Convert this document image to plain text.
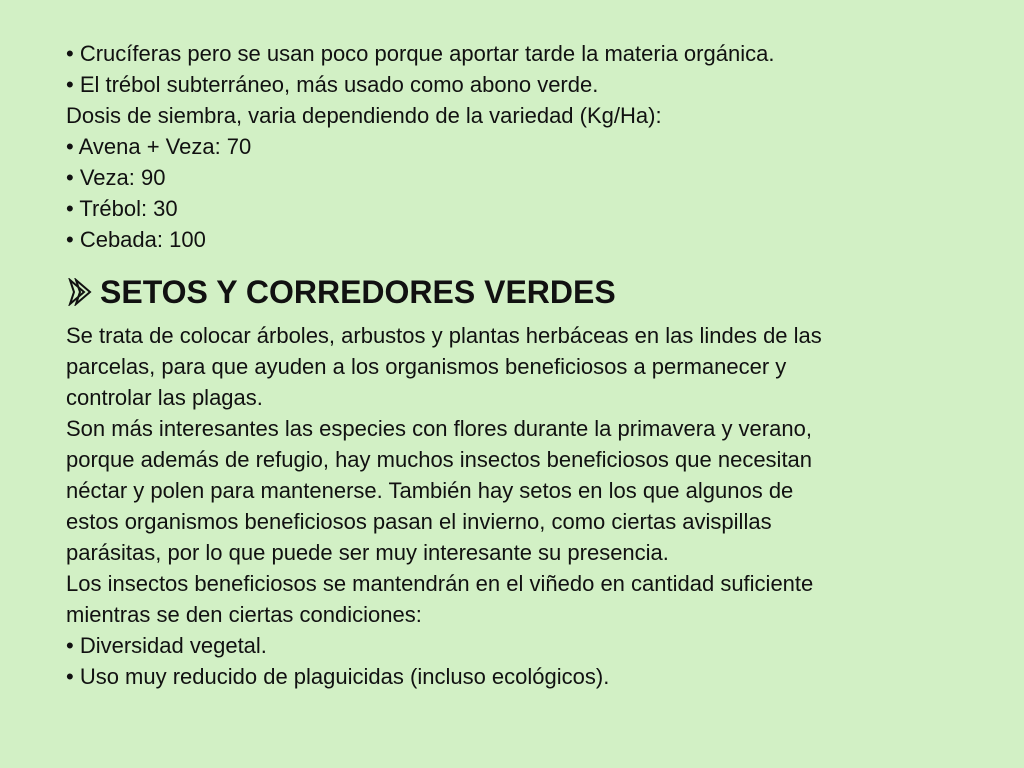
• Crucíferas pero se usan poco porque aportar tarde la materia orgánica.
• El trébol subterráneo, más usado como abono verde.
Dosis de siembra, varia dependiendo de la variedad (Kg/Ha):
• Avena + Veza: 70
• Veza: 90
• Trébol: 30
• Cebada: 100
SETOS Y CORREDORES VERDES
Se trata de colocar árboles, arbustos y plantas herbáceas en las lindes de las
parcelas, para que ayuden a los organismos beneficiosos a permanecer y
controlar las plagas.
Son más interesantes las especies con flores durante la primavera y verano,
porque además de refugio, hay muchos insectos beneficiosos que necesitan
néctar y polen para mantenerse. También hay setos en los que algunos de
estos organismos beneficiosos pasan el invierno, como ciertas avispillas
parásitas, por lo que puede ser muy interesante su presencia.
Los insectos beneficiosos se mantendrán en el viñedo en cantidad suficiente
mientras se den ciertas condiciones:
• Diversidad vegetal.
• Uso muy reducido de plaguicidas (incluso ecológicos).
